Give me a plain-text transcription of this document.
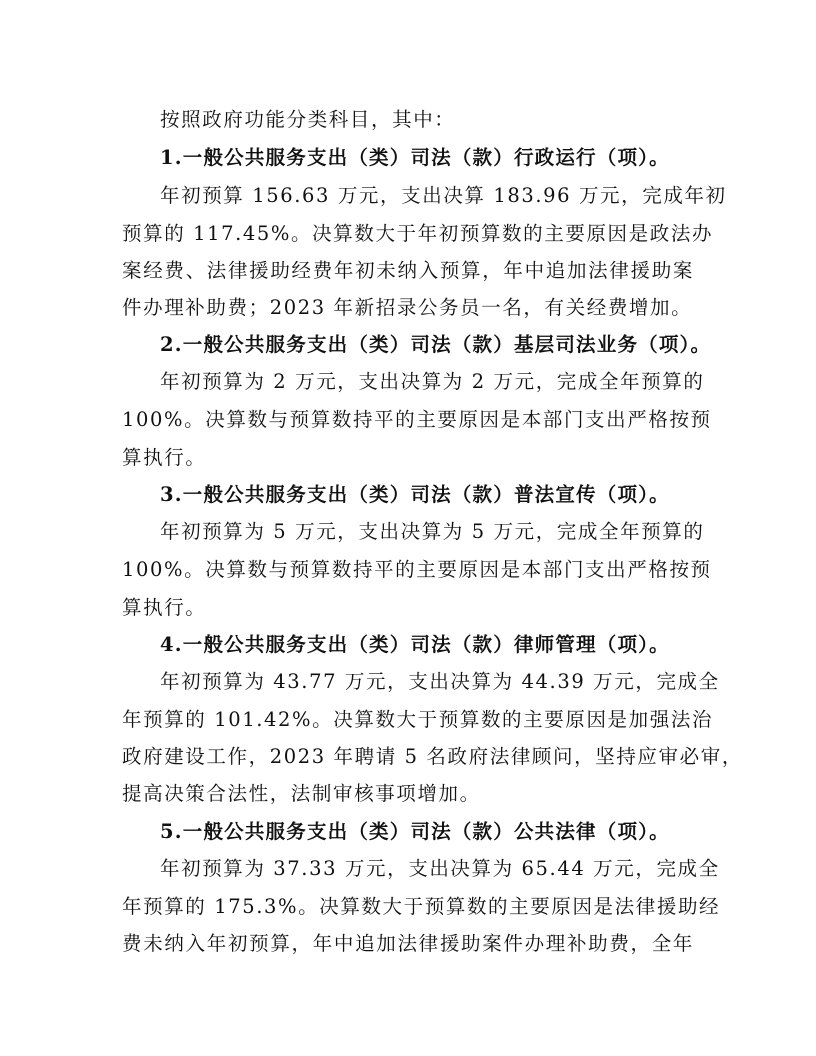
按照政府功能分类科目，其中：
1.一般公共服务支出（类）司法（款）行政运行（项）。
年初预算 156.63 万元，支出决算 183.96 万元，完成年初
预算的 117.45%。决算数大于年初预算数的主要原因是政法办
案经费、法律援助经费年初未纳入预算，年中追加法律援助案
件办理补助费；2023 年新招录公务员一名，有关经费增加。
2.一般公共服务支出（类）司法（款）基层司法业务（项）。
年初预算为 2 万元，支出决算为 2 万元，完成全年预算的
100%。决算数与预算数持平的主要原因是本部门支出严格按预
算执行。
3.一般公共服务支出（类）司法（款）普法宣传（项）。
年初预算为 5 万元，支出决算为 5 万元，完成全年预算的
100%。决算数与预算数持平的主要原因是本部门支出严格按预
算执行。
4.一般公共服务支出（类）司法（款）律师管理（项）。
年初预算为 43.77 万元，支出决算为 44.39 万元，完成全
年预算的 101.42%。决算数大于预算数的主要原因是加强法治
政府建设工作，2023 年聘请 5 名政府法律顾问，坚持应审必审，
提高决策合法性，法制审核事项增加。
5.一般公共服务支出（类）司法（款）公共法律（项）。
年初预算为 37.33 万元，支出决算为 65.44 万元，完成全
年预算的 175.3%。决算数大于预算数的主要原因是法律援助经
费未纳入年初预算，年中追加法律援助案件办理补助费，全年
